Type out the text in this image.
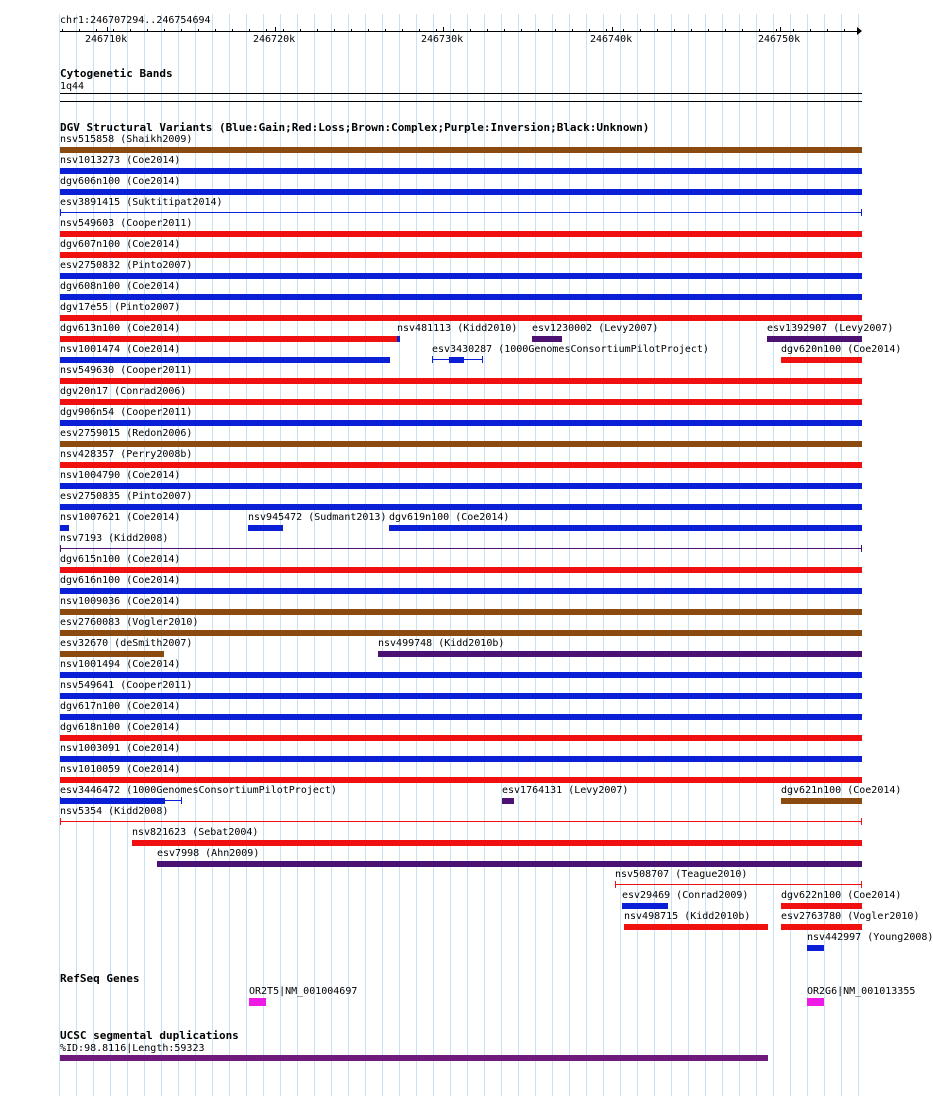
chr1:246707294..246754694
246710k	246720k	246730k	246740k	246750k
Cytogenetic Bands
1q44
DGV Structural Variants (Blue:Gain;Red:Loss;Brown:Complex;Purple:Inversion;Black:Unknown)
nsv515858 (Shaikh2009)
nsv1013273 (Coe2014)
dgv606n100 (Coe2014)
esv3891415 (Suktitipat2014)
nsv549603 (Cooper2011)
dgv607n100 (Coe2014)
esv2750832 (Pinto2007)
dgv608n100 (Coe2014)
dgv17e55 (Pinto2007)
dgv613n100 (Coe2014)	nsv481113 (Kidd2010) esv1230002 (Levy2007)	esv1392907 (Levy2007)
nsv1001474 (Coe2014)	esv3430287 (1000GenomesConsortiumPilotProject)	dgv620n100 (Coe2014)
nsv549630 (Cooper2011)
dgv20n17 (Conrad2006)
dgv906n54 (Cooper2011)
esv2759015 (Redon2006)
nsv428357 (Perry2008b)
nsv1004790 (Coe2014)
esv2750835 (Pinto2007)
nsv1007621 (Coe2014)	nsv945472 (Sudmant2013) dgv619n100 (Coe2014)
nsv7193 (Kidd2008)
dgv615n100 (Coe2014)
dgv616n100 (Coe2014)
nsv1009036 (Coe2014)
esv2760083 (Vogler2010)
esv32670 (deSmith2007)	nsv499748 (Kidd2010b)
nsv1001494 (Coe2014)
nsv549641 (Cooper2011)
dgv617n100 (Coe2014)
dgv618n100 (Coe2014)
nsv1003091 (Coe2014)
nsv1010059 (Coe2014)
esv3446472 (1000GenomesConsortiumPilotProject)	esv1764131 (Levy2007)	dgv621n100 (Coe2014)
nsv5354 (Kidd2008)
nsv821623 (Sebat2004)
esv7998 (Ahn2009)
nsv508707 (Teague2010)
esv29469 (Conrad2009)	dgv622n100 (Coe2014)
nsv498715 (Kidd2010b)	esv2763780 (Vogler2010)
nsv442997 (Young2008)
RefSeq Genes
OR2T5|NM_001004697	OR2G6|NM_001013355
UCSC segmental duplications
%ID:98.8116|Length:59323
